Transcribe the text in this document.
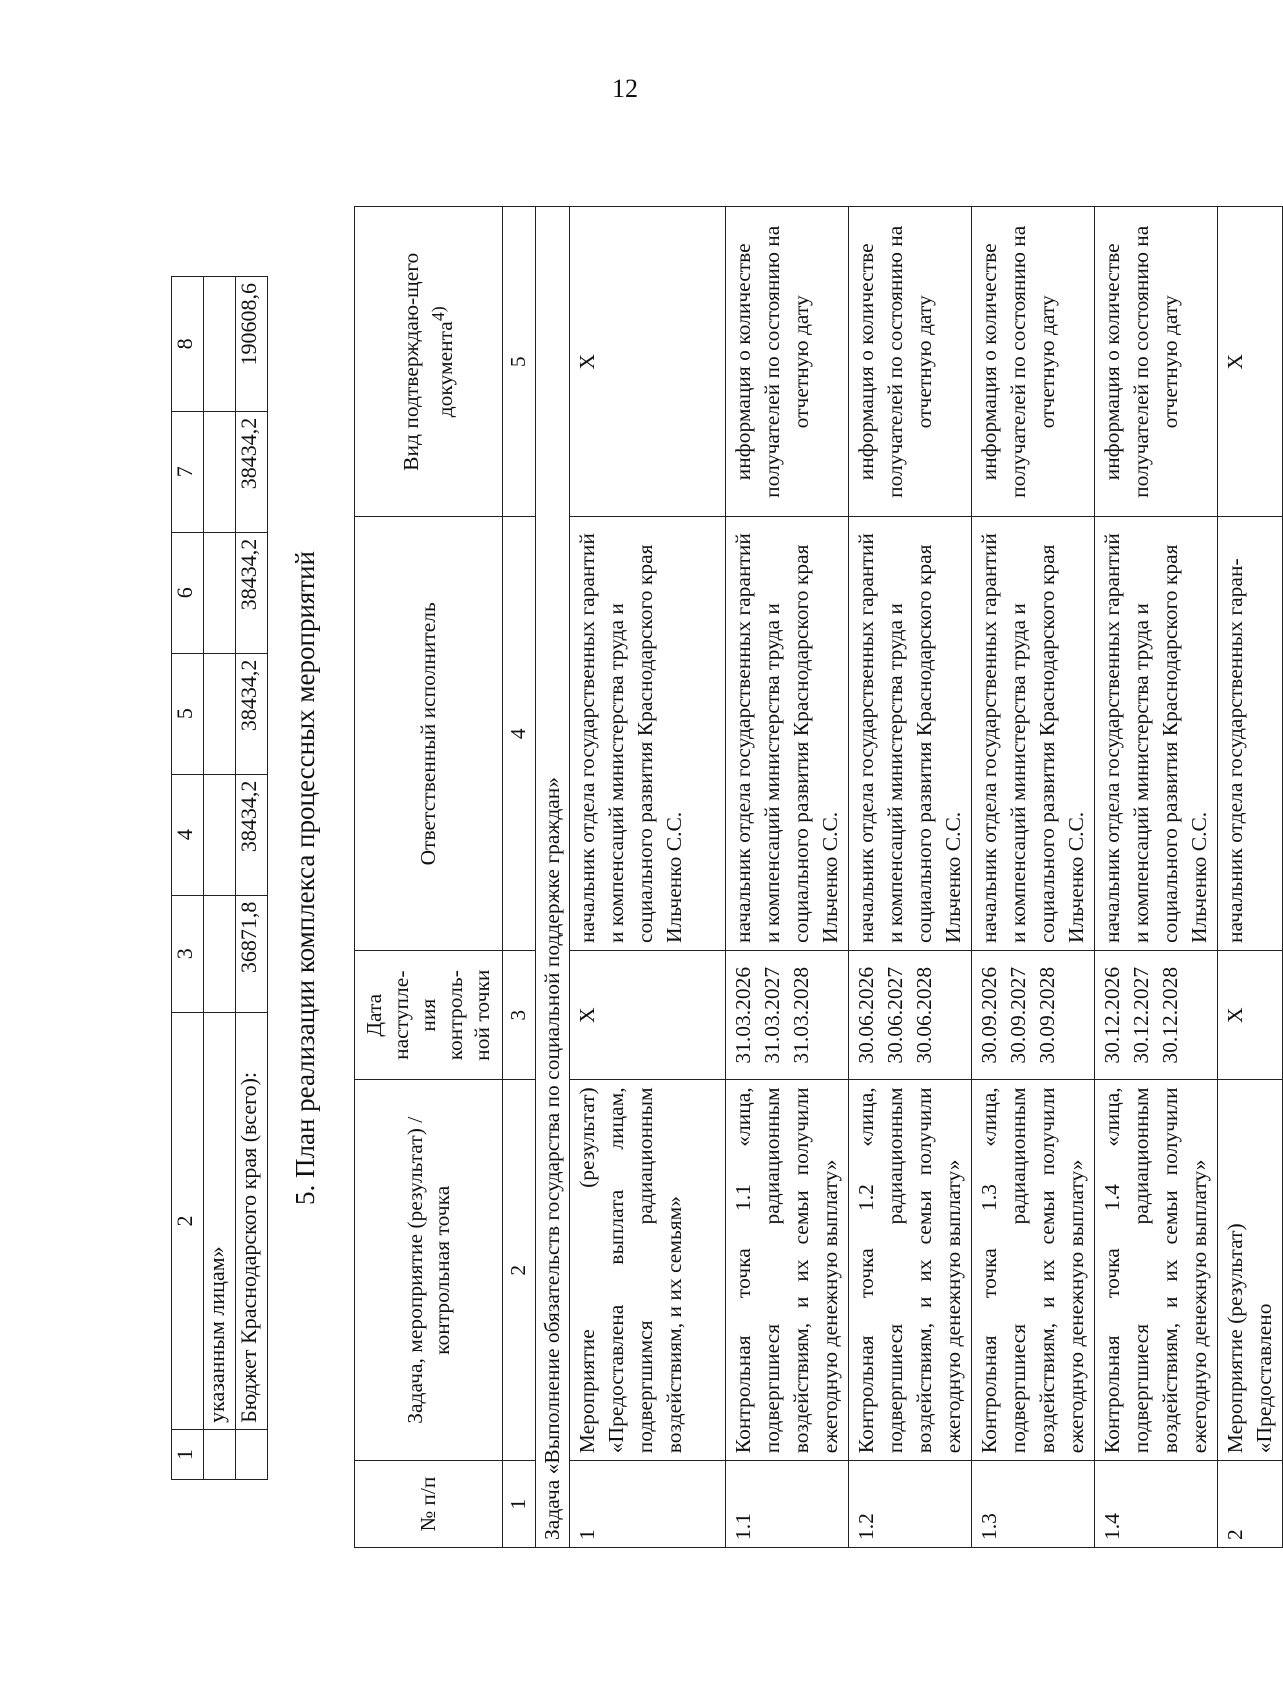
12
1	2	3	4	5	6	7	8
	указанным лицам»						
	Бюджет Краснодарского края (всего):	36871,8	38434,2	38434,2	38434,2	38434,2	190608,6
5. План реализации комплекса процессных мероприятий
№ п/п	Задача, мероприятие (результат) / контрольная точка	Дата наступле-ния контроль-ной точки	Ответственный исполнитель	Вид подтверждаю-щего документа$^{4)}$
1	2	3	4	5
Задача «Выполнение обязательств государства по социальной поддержке граждан»				
1	Мероприятие (результат) «Предоставлена выплата лицам, подвергшимся радиационным воздействиям, и их семьям»	X	начальник отдела государственных гарантий и компенсаций министерства труда и социального развития Краснодарского края Ильченко С.С.	X
1.1	Контрольная точка 1.1 «лица, подвергшиеся радиационным воздействиям, и их семьи получили ежегодную денежную выплату»	31.03.2026 31.03.2027 31.03.2028	начальник отдела государственных гарантий и компенсаций министерства труда и социального развития Краснодарского края Ильченко С.С.	информация о количестве получателей по состоянию на отчетную дату
1.2	Контрольная точка 1.2 «лица, подвергшиеся радиационным воздействиям, и их семьи получили ежегодную денежную выплату»	30.06.2026 30.06.2027 30.06.2028	начальник отдела государственных гарантий и компенсаций министерства труда и социального развития Краснодарского края Ильченко С.С.	информация о количестве получателей по состоянию на отчетную дату
1.3	Контрольная точка 1.3 «лица, подвергшиеся радиационным воздействиям, и их семьи получили ежегодную денежную выплату»	30.09.2026 30.09.2027 30.09.2028	начальник отдела государственных гарантий и компенсаций министерства труда и социального развития Краснодарского края Ильченко С.С.	информация о количестве получателей по состоянию на отчетную дату
1.4	Контрольная точка 1.4 «лица, подвергшиеся радиационным воздействиям, и их семьи получили ежегодную денежную выплату»	30.12.2026 30.12.2027 30.12.2028	начальник отдела государственных гарантий и компенсаций министерства труда и социального развития Краснодарского края Ильченко С.С.	информация о количестве получателей по состоянию на отчетную дату
2	Мероприятие (результат) «Предоставлено	X	начальник отдела государственных гаран-	X
